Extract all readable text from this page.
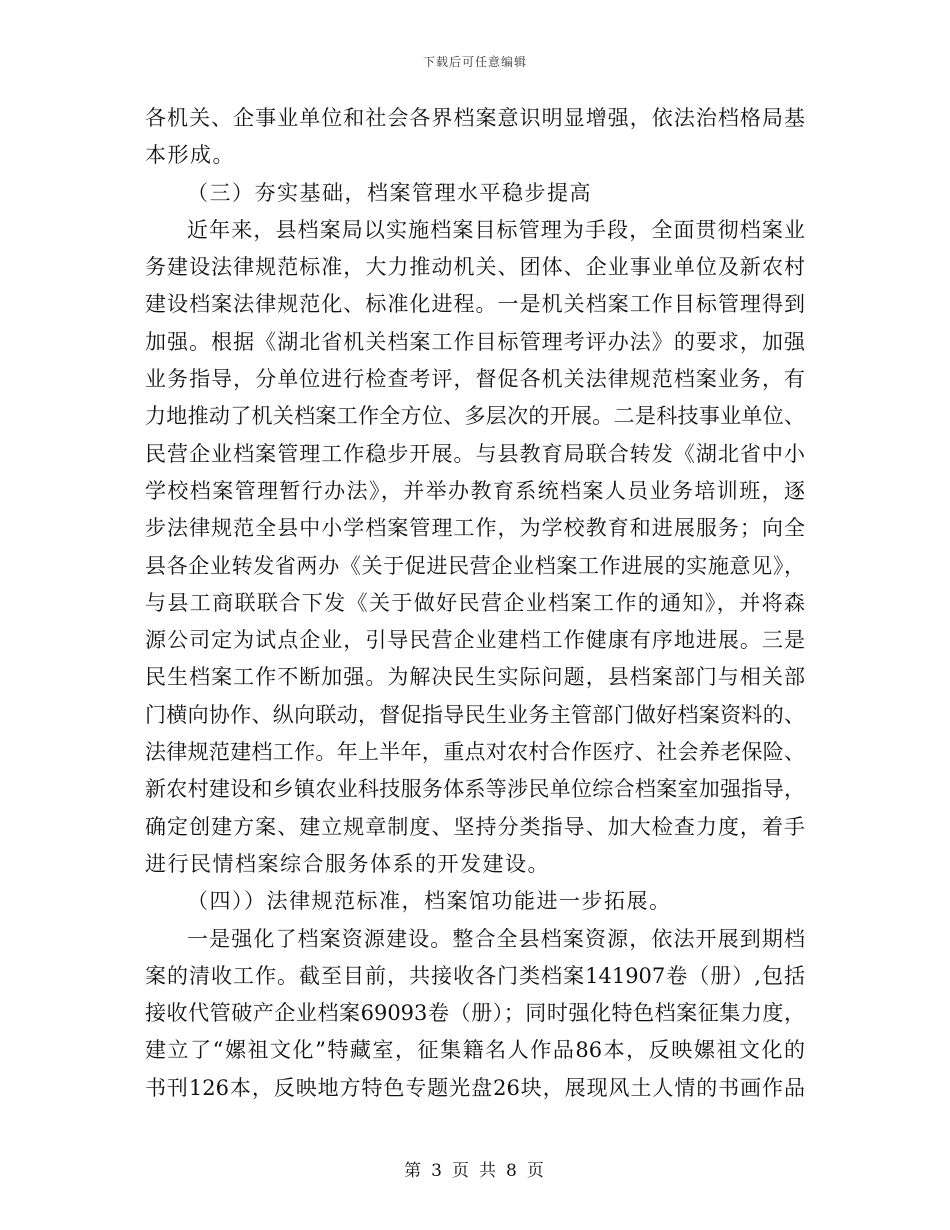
下载后可任意编辑
各机关、企事业单位和社会各界档案意识明显增强，依法治档格局基
本形成。
（三）夯实基础，档案管理水平稳步提高
近年来，县档案局以实施档案目标管理为手段，全面贯彻档案业
务建设法律规范标准，大力推动机关、团体、企业事业单位及新农村
建设档案法律规范化、标准化进程。一是机关档案工作目标管理得到
加强。根据《湖北省机关档案工作目标管理考评办法》的要求，加强
业务指导，分单位进行检查考评，督促各机关法律规范档案业务，有
力地推动了机关档案工作全方位、多层次的开展。二是科技事业单位、
民营企业档案管理工作稳步开展。与县教育局联合转发《湖北省中小
学校档案管理暂行办法》，并举办教育系统档案人员业务培训班，逐
步法律规范全县中小学档案管理工作，为学校教育和进展服务；向全
县各企业转发省两办《关于促进民营企业档案工作进展的实施意见》，
与县工商联联合下发《关于做好民营企业档案工作的通知》，并将森
源公司定为试点企业，引导民营企业建档工作健康有序地进展。三是
民生档案工作不断加强。为解决民生实际问题，县档案部门与相关部
门横向协作、纵向联动，督促指导民生业务主管部门做好档案资料的、
法律规范建档工作。年上半年，重点对农村合作医疗、社会养老保险、
新农村建设和乡镇农业科技服务体系等涉民单位综合档案室加强指导，
确定创建方案、建立规章制度、坚持分类指导、加大检查力度，着手
进行民情档案综合服务体系的开发建设。
（四））法律规范标准，档案馆功能进一步拓展。
一是强化了档案资源建设。整合全县档案资源，依法开展到期档
案的清收工作。截至目前，共接收各门类档案141907卷（册）,包括
接收代管破产企业档案69093卷（册）；同时强化特色档案征集力度，
建立了“嫘祖文化”特藏室，征集籍名人作品86本，反映嫘祖文化的
书刊126本，反映地方特色专题光盘26块，展现风土人情的书画作品
第 3 页 共 8 页
